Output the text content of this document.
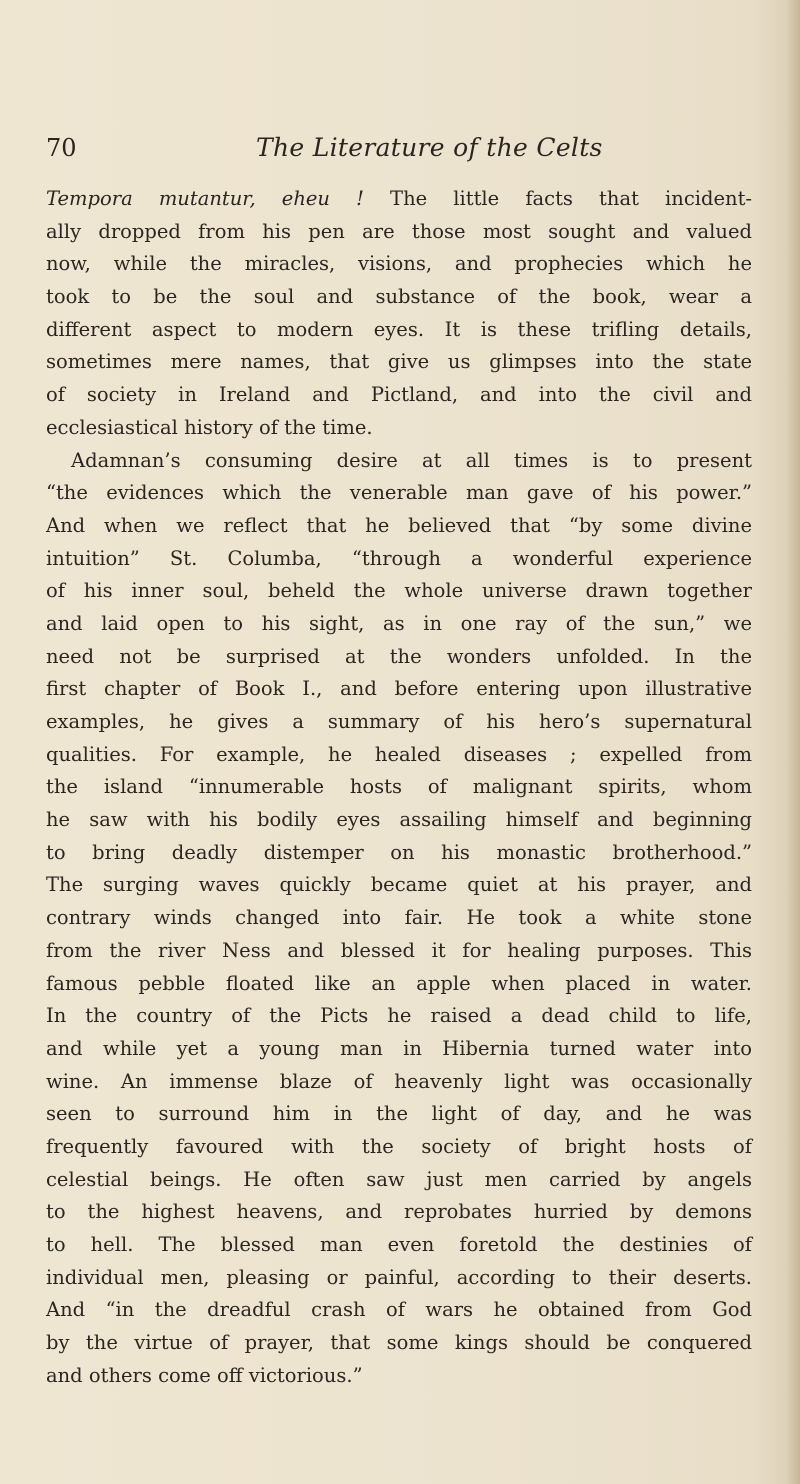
70	The Literature of the Celts
Tempora mutantur, eheu ! The little facts that incident-
ally dropped from his pen are those most sought and valued
now, while the miracles, visions, and prophecies which he
took to be the soul and substance of the book, wear a
different aspect to modern eyes. It is these trifling details,
sometimes mere names, that give us glimpses into the state
of society in Ireland and Pictland, and into the civil and
ecclesiastical history of the time.
Adamnan’s consuming desire at all times is to present
“the evidences which the venerable man gave of his power.”
And when we reflect that he believed that “by some divine
intuition” St. Columba, “through a wonderful experience
of his inner soul, beheld the whole universe drawn together
and laid open to his sight, as in one ray of the sun,” we
need not be surprised at the wonders unfolded. In the
first chapter of Book I., and before entering upon illustrative
examples, he gives a summary of his hero’s supernatural
qualities. For example, he healed diseases ; expelled from
the island “innumerable hosts of malignant spirits, whom
he saw with his bodily eyes assailing himself and beginning
to bring deadly distemper on his monastic brotherhood.”
The surging waves quickly became quiet at his prayer, and
contrary winds changed into fair. He took a white stone
from the river Ness and blessed it for healing purposes. This
famous pebble floated like an apple when placed in water.
In the country of the Picts he raised a dead child to life,
and while yet a young man in Hibernia turned water into
wine. An immense blaze of heavenly light was occasionally
seen to surround him in the light of day, and he was
frequently favoured with the society of bright hosts of
celestial beings. He often saw just men carried by angels
to the highest heavens, and reprobates hurried by demons
to hell. The blessed man even foretold the destinies of
individual men, pleasing or painful, according to their deserts.
And “in the dreadful crash of wars he obtained from God
by the virtue of prayer, that some kings should be conquered
and others come off victorious.”
